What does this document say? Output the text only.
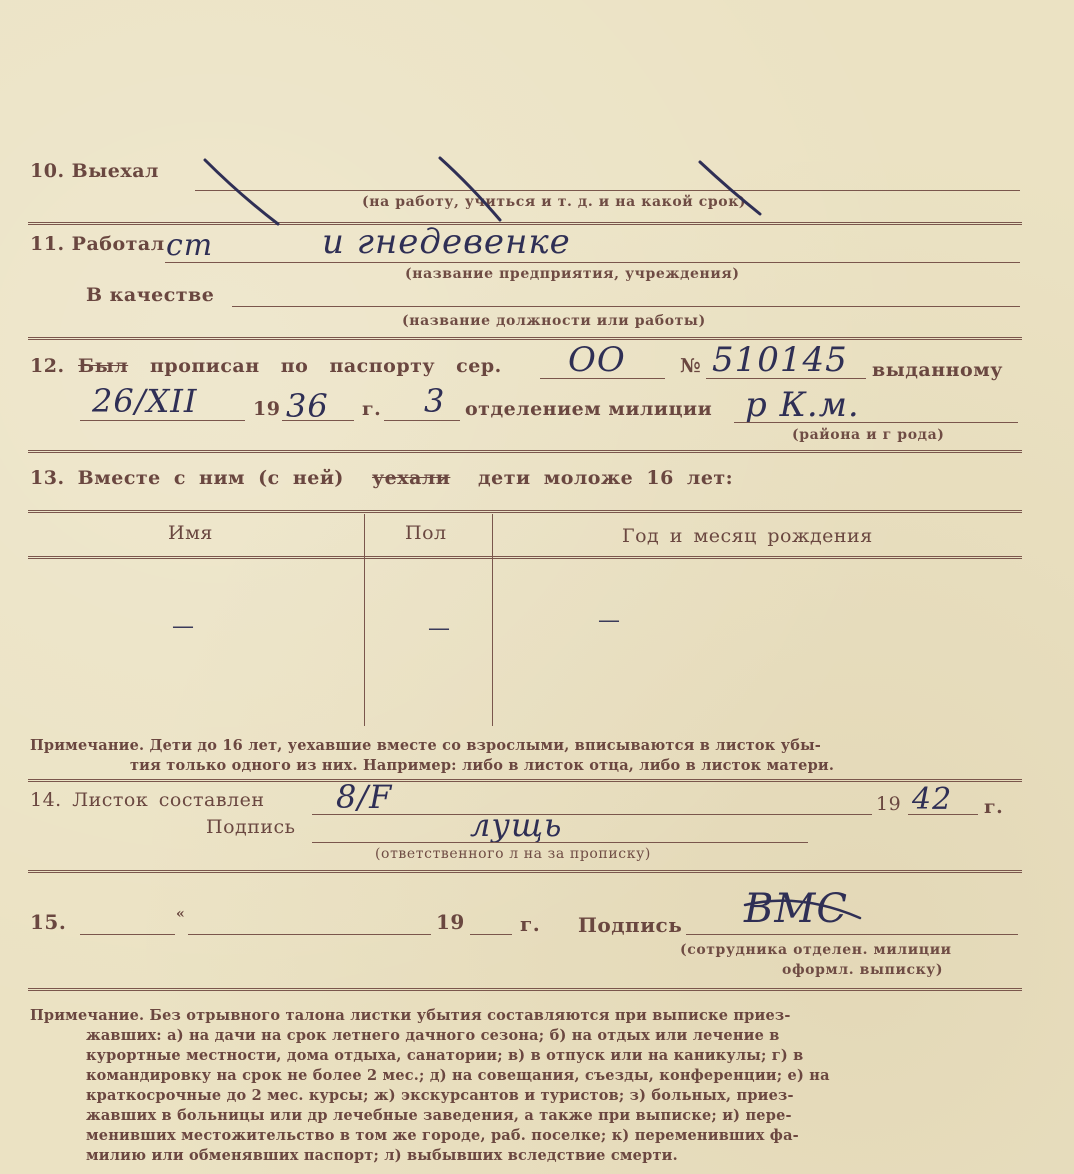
10. Выехал
(на работу, учиться и т. д. и на какой срок)
11. Работал ст	и гнедевенке
(название предприятия, учреждения)
В качестве
(название должности или работы)
12. Был прописан по паспорту сер. ОО	№ 510145 выданному
26/XII	19 36 г. 3 отделением милиции р К.м.
(района и г рода)
13. Вместе с ним (с ней) уехали дети моложе 16 лет:
Имя	Пол	Год и месяц рождения
—	—	—
Примечание. Дети до 16 лет, уехавшие вместе со взрослыми, вписываются в листок убы-
тия только одного из них. Например: либо в листок отца, либо в листок матери.
14. Листок составлен 8/F	19 42 г.
Подпись	лущь
(ответственного л на за прописку)
15.	«	19	г. Подпись ВМС
(сотрудника отделен. милиции
оформл. выписку)
Примечание. Без отрывного талона листки убытия составляются при выписке приез-
жавших: а) на дачи на срок летнего дачного сезона; б) на отдых или лечение в
курортные местности, дома отдыха, санатории; в) в отпуск или на каникулы; г) в
командировку на срок не более 2 мес.; д) на совещания, съезды, конференции; е) на
краткосрочные до 2 мес. курсы; ж) экскурсантов и туристов; з) больных, приез-
жавших в больницы или др лечебные заведения, а также при выписке; и) пере-
менивших местожительство в том же городе, раб. поселке; к) переменивших фа-
милию или обменявших паспорт; л) выбывших вследствие смерти.
